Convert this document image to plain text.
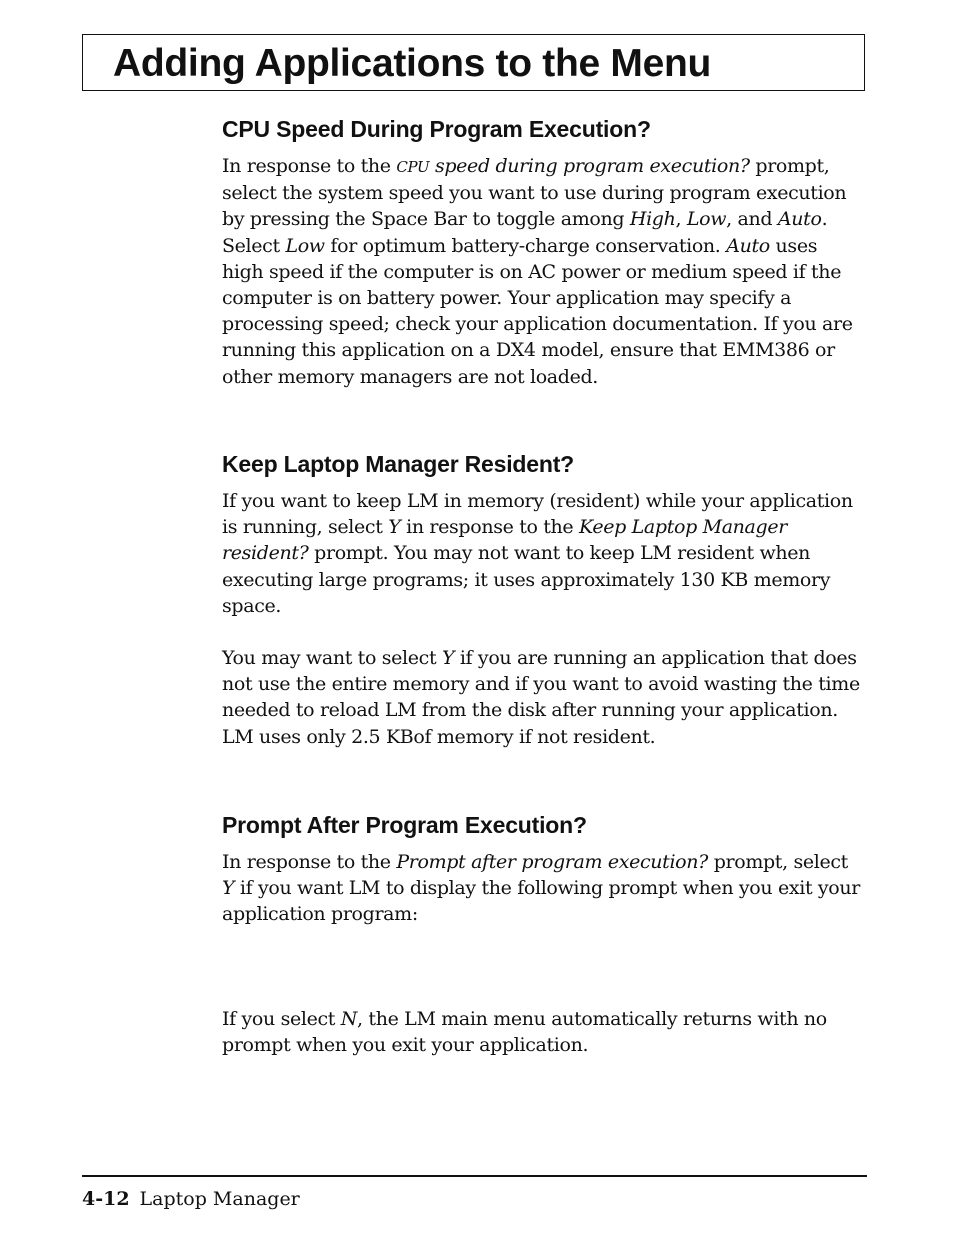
Adding Applications to the Menu
CPU Speed During Program Execution?

In response to the CPU speed during program execution? prompt, select the system speed you want to use during program execution by pressing the Space Bar to toggle among High, Low, and Auto. Select Low for optimum battery-charge conservation. Auto uses high speed if the computer is on AC power or medium speed if the computer is on battery power. Your application may specify a processing speed; check your application documentation. If you are running this application on a DX4 model, ensure that EMM386 or other memory managers are not loaded.

Keep Laptop Manager Resident?

If you want to keep LM in memory (resident) while your application is running, select Y in response to the Keep Laptop Manager resident? prompt. You may not want to keep LM resident when executing large programs; it uses approximately 130 KB memory space.

You may want to select Y if you are running an application that does not use the entire memory and if you want to avoid wasting the time needed to reload LM from the disk after running your application. LM uses only 2.5 KBof memory if not resident.

Prompt After Program Execution?

In response to the Prompt after program execution? prompt, select Y if you want LM to display the following prompt when you exit your application program:

If you select N, the LM main menu automatically returns with no prompt when you exit your application.

4-12 Laptop Manager
